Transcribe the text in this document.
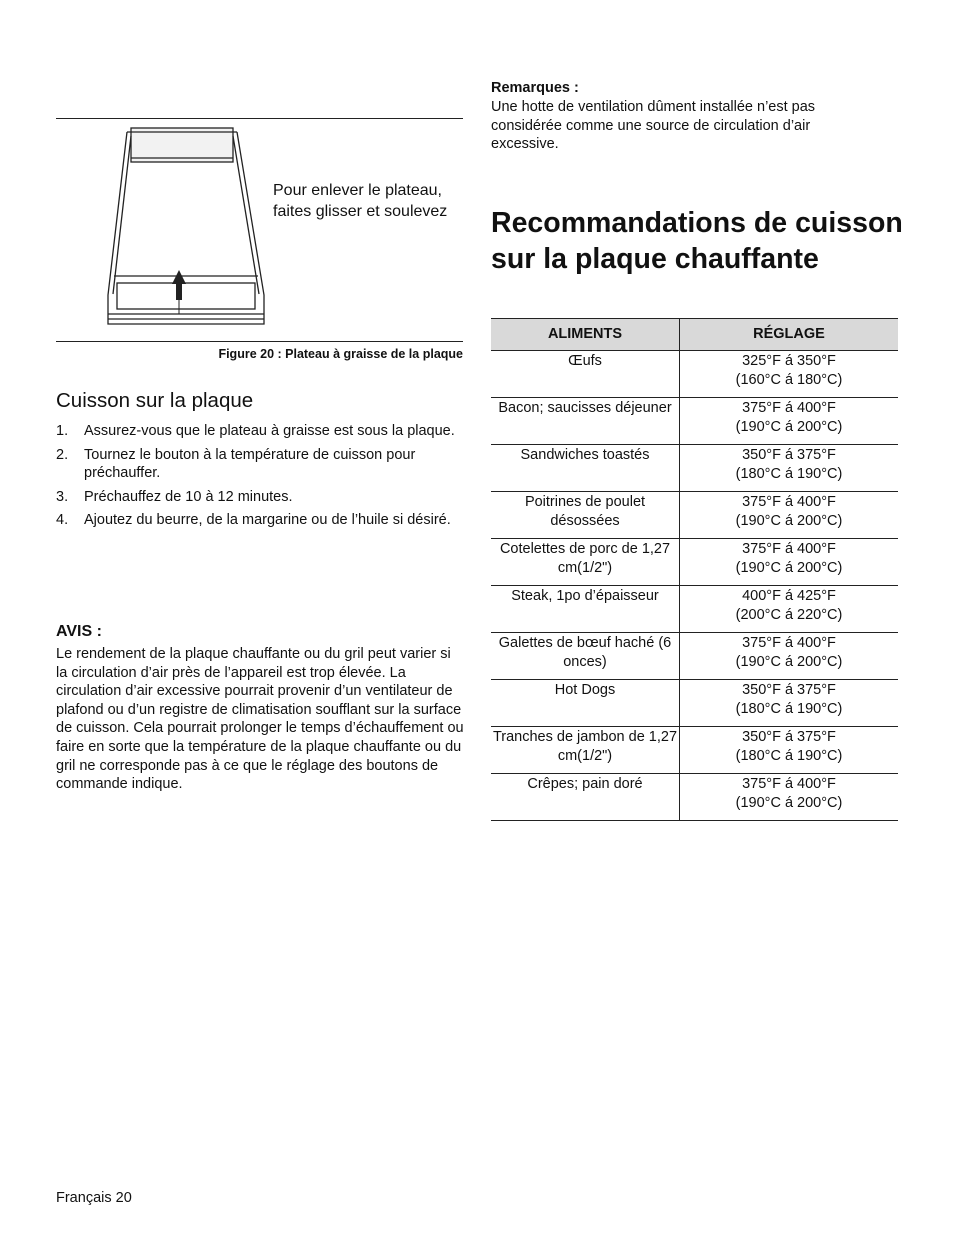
Pour enlever le plateau, faites glisser et soulevez
Figure 20 : Plateau à graisse de la plaque
Cuisson sur la plaque
1. Assurez-vous que le plateau à graisse est sous la plaque.
2. Tournez le bouton à la température de cuisson pour préchauffer.
3. Préchauffez de 10 à 12 minutes.
4. Ajoutez du beurre, de la margarine ou de l’huile si désiré.
AVIS :

Le rendement de la plaque chauffante ou du gril peut varier si la circulation d’air près de l’appareil est trop élevée. La circulation d’air excessive pourrait provenir d’un ventilateur de plafond ou d’un registre de climatisation soufflant sur la surface de cuisson. Cela pourrait prolonger le temps d’échauffement ou faire en sorte que la température de la plaque chauffante ou du gril ne corresponde pas à ce que le réglage des boutons de commande indique.

Remarques :

Une hotte de ventilation dûment installée n’est pas considérée comme une source de circulation d’air excessive.

Recommandations de cuisson sur la plaque chauffante
ALIMENTS	RÉGLAGE
Œufs	325°F á 350°F
(160°C á 180°C)

Bacon; saucisses déjeuner	375°F á 400°F
(190°C á 200°C)

Sandwiches toastés	350°F á 375°F
(180°C á 190°C)

Poitrines de poulet désossées	375°F á 400°F
(190°C á 200°C)

Cotelettes de porc de 1,27 cm(1/2")	375°F á 400°F
(190°C á 200°C)

Steak, 1po d’épaisseur	400°F á 425°F
(200°C á 220°C)

Galettes de bœuf haché (6 onces)	375°F á 400°F
(190°C á 200°C)

Hot Dogs	350°F á 375°F
(180°C á 190°C)

Tranches de jambon de 1,27 cm(1/2")	350°F á 375°F
(180°C á 190°C)

Crêpes; pain doré	375°F á 400°F
(190°C á 200°C)
Français 20
